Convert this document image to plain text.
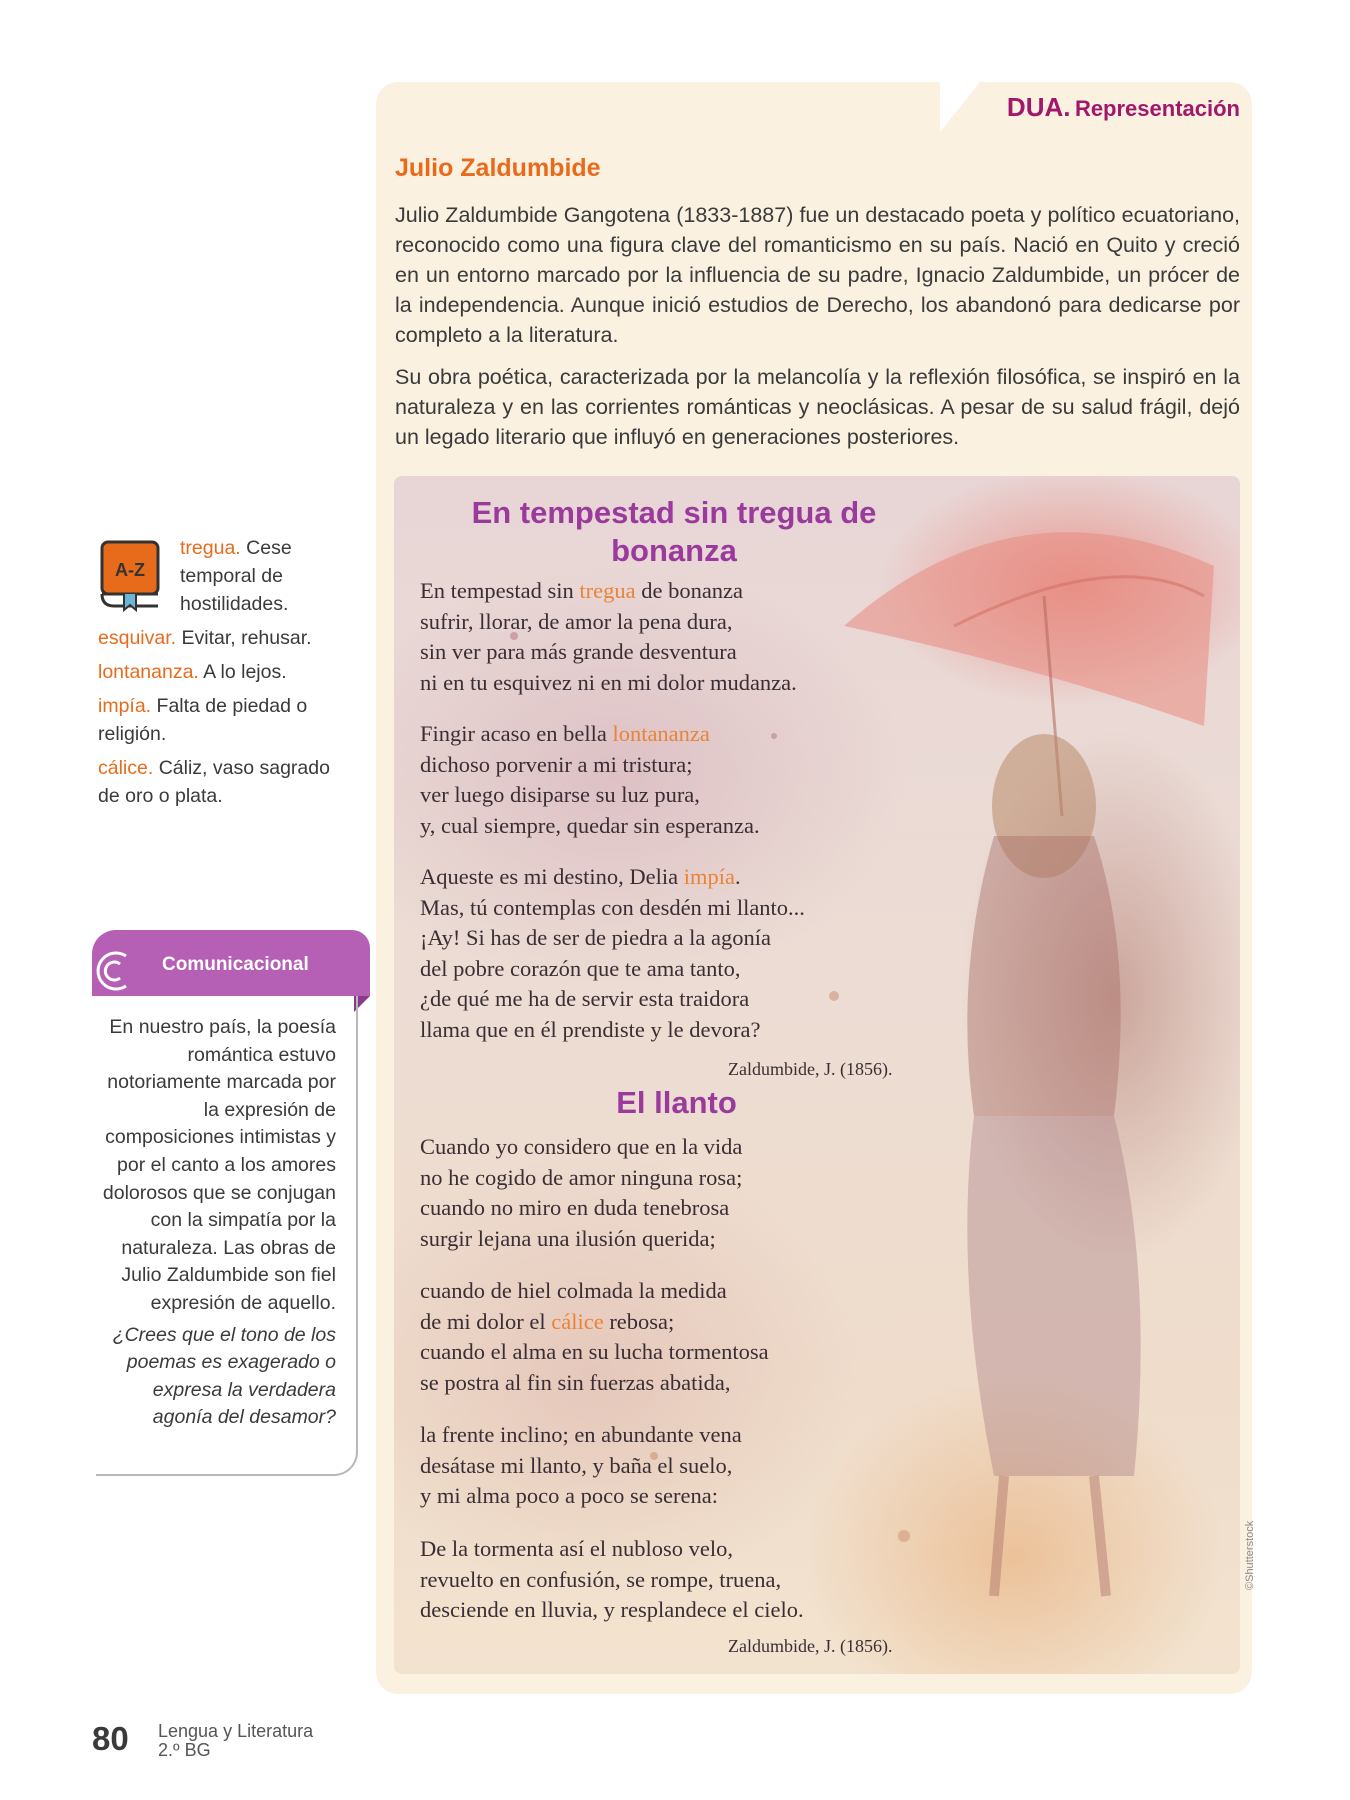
DUA. Representación
Julio Zaldumbide

Julio Zaldumbide Gangotena (1833-1887) fue un destacado poeta y político ecuatoriano, reconocido como una figura clave del romanticismo en su país. Nació en Quito y creció en un entorno marcado por la influencia de su padre, Ignacio Zaldumbide, un prócer de la independencia. Aunque inició estudios de Derecho, los abandonó para dedicarse por completo a la literatura.

Su obra poética, caracterizada por la melancolía y la reflexión filosófica, se inspiró en la naturaleza y en las corrientes románticas y neoclásicas. A pesar de su salud frágil, dejó un legado literario que influyó en generaciones posteriores.

En tempestad sin tregua de
bonanza
En tempestad sin tregua de bonanza
sufrir, llorar, de amor la pena dura,
sin ver para más grande desventura
ni en tu esquivez ni en mi dolor mudanza.
Fingir acaso en bella lontananza
dichoso porvenir a mi tristura;
ver luego disiparse su luz pura,
y, cual siempre, quedar sin esperanza.
Aqueste es mi destino, Delia impía.
Mas, tú contemplas con desdén mi llanto...
¡Ay! Si has de ser de piedra a la agonía
del pobre corazón que te ama tanto,
¿de qué me ha de servir esta traidora
llama que en él prendiste y le devora?
Zaldumbide, J. (1856).
El llanto
Cuando yo considero que en la vida
no he cogido de amor ninguna rosa;
cuando no miro en duda tenebrosa
surgir lejana una ilusión querida;
cuando de hiel colmada la medida
de mi dolor el cálice rebosa;
cuando el alma en su lucha tormentosa
se postra al fin sin fuerzas abatida,
la frente inclino; en abundante vena
desátase mi llanto, y baña el suelo,
y mi alma poco a poco se serena:
De la tormenta así el nubloso velo,
revuelto en confusión, se rompe, truena,
desciende en lluvia, y resplandece el cielo.
Zaldumbide, J. (1856).
©Shutterstock
A-Z
tregua. Cese
temporal de
hostilidades.
esquivar. Evitar, rehusar.
lontananza. A lo lejos.
impía. Falta de piedad o
religión.
cálice. Cáliz, vaso sagrado
de oro o plata.
Comunicacional

En nuestro país, la poesía romántica estuvo notoriamente marcada por la expresión de composiciones intimistas y por el canto a los amores dolorosos que se conjugan con la simpatía por la naturaleza. Las obras de Julio Zaldumbide son fiel expresión de aquello.

¿Crees que el tono de los poemas es exagerado o expresa la verdadera agonía del desamor?

80 Lengua y Literatura
2.º BG
